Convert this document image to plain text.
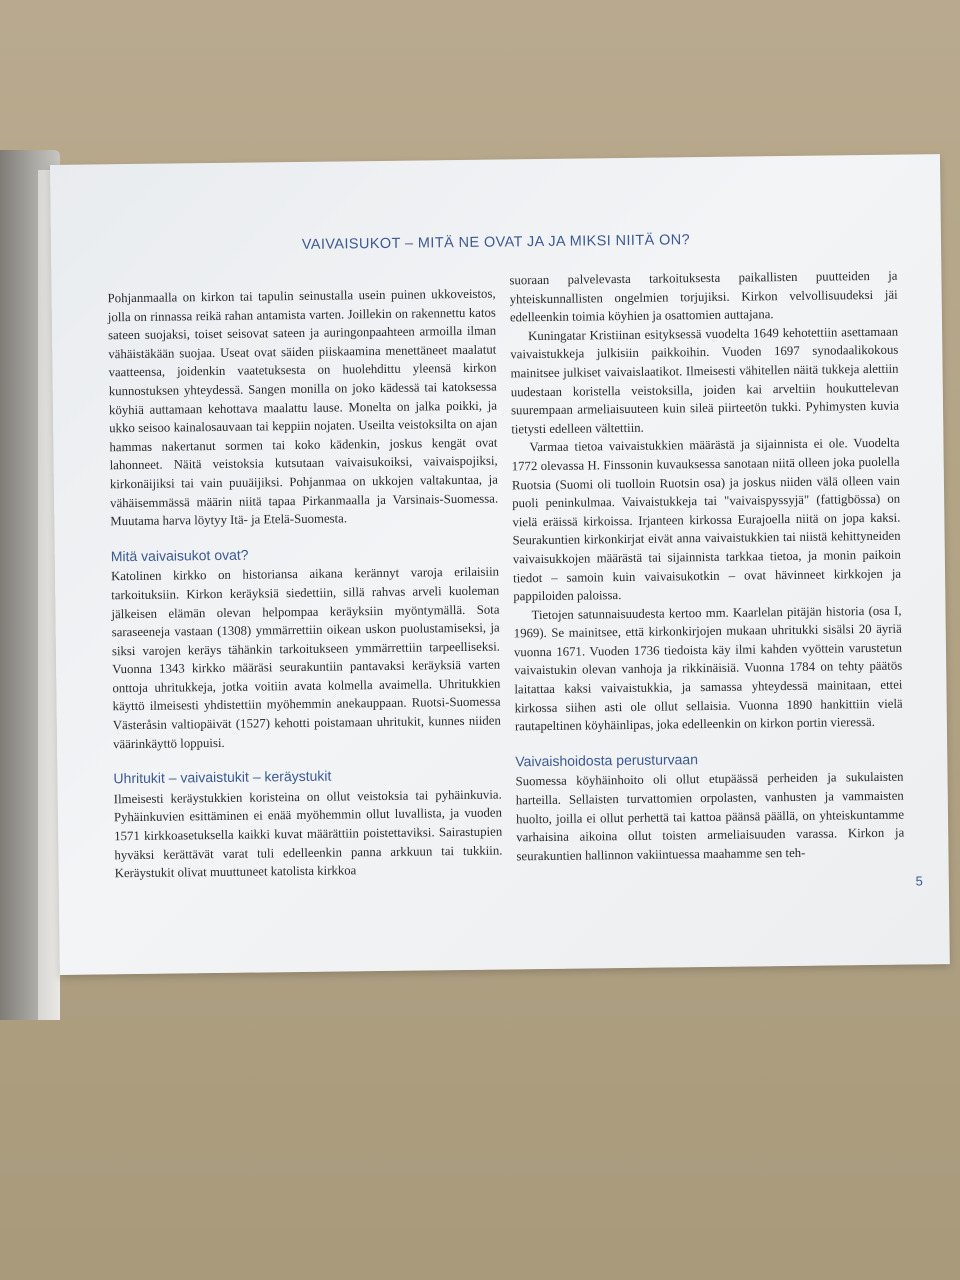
VAIVAISUKOT – MITÄ NE OVAT JA JA MIKSI NIITÄ ON?

Pohjanmaalla on kirkon tai tapulin seinustalla usein puinen ukkoveistos, jolla on rinnassa reikä rahan antamista varten. Joillekin on rakennettu katos sateen suojaksi, toiset seisovat sateen ja auringonpaahteen armoilla ilman vähäistäkään suojaa. Useat ovat säiden piiskaamina menettäneet maalatut vaatteensa, joidenkin vaatetuksesta on huolehdittu yleensä kirkon kunnostuksen yhteydessä. Sangen monilla on joko kädessä tai katoksessa köyhiä auttamaan kehottava maalattu lause. Monelta on jalka poikki, ja ukko seisoo kainalosauvaan tai keppiin nojaten. Useilta veistoksilta on ajan hammas nakertanut sormen tai koko kädenkin, joskus kengät ovat lahonneet. Näitä veistoksia kutsutaan vaivaisukoiksi, vaivaispojiksi, kirkonäijiksi tai vain puuäijiksi. Pohjanmaa on ukkojen valtakuntaa, ja vähäisemmässä määrin niitä tapaa Pirkanmaalla ja Varsinais-Suomessa. Muutama harva löytyy Itä- ja Etelä-Suomesta.

Mitä vaivaisukot ovat?

Katolinen kirkko on historiansa aikana kerännyt varoja erilaisiin tarkoituksiin. Kirkon keräyksiä siedettiin, sillä rahvas arveli kuoleman jälkeisen elämän olevan helpompaa keräyksiin myöntymällä. Sota saraseeneja vastaan (1308) ymmärrettiin oikean uskon puolustamiseksi, ja siksi varojen keräys tähänkin tarkoitukseen ymmärrettiin tarpeelliseksi. Vuonna 1343 kirkko määräsi seurakuntiin pantavaksi keräyksiä varten onttoja uhritukkeja, jotka voitiin avata kolmella avaimella. Uhritukkien käyttö ilmeisesti yhdistettiin myöhemmin anekauppaan. Ruotsi-Suomessa Västeråsin valtiopäivät (1527) kehotti poistamaan uhritukit, kunnes niiden väärinkäyttö loppuisi.

Uhritukit – vaivaistukit – keräystukit

Ilmeisesti keräystukkien koristeina on ollut veistoksia tai pyhäinkuvia. Pyhäinkuvien esittäminen ei enää myöhemmin ollut luvallista, ja vuoden 1571 kirkkoasetuksella kaikki kuvat määrättiin poistettaviksi. Sairastupien hyväksi kerättävät varat tuli edelleenkin panna arkkuun tai tukkiin. Keräystukit olivat muuttuneet katolista kirkkoa

suoraan palvelevasta tarkoituksesta paikallisten puutteiden ja yhteiskunnallisten ongelmien torjujiksi. Kirkon velvollisuudeksi jäi edelleenkin toimia köyhien ja osattomien auttajana.

Kuningatar Kristiinan esityksessä vuodelta 1649 kehotettiin asettamaan vaivaistukkeja julkisiin paikkoihin. Vuoden 1697 synodaalikokous mainitsee julkiset vaivaislaatikot. Ilmeisesti vähitellen näitä tukkeja alettiin uudestaan koristella veistoksilla, joiden kai arveltiin houkuttelevan suurempaan armeliaisuuteen kuin sileä piirteetön tukki. Pyhimysten kuvia tietysti edelleen vältettiin.

Varmaa tietoa vaivaistukkien määrästä ja sijainnista ei ole. Vuodelta 1772 olevassa H. Finssonin kuvauksessa sanotaan niitä olleen joka puolella Ruotsia (Suomi oli tuolloin Ruotsin osa) ja joskus niiden välä olleen vain puoli peninkulmaa. Vaivaistukkeja tai "vaivaispyssyjä" (fattigbössa) on vielä eräissä kirkoissa. Irjanteen kirkossa Eurajoella niitä on jopa kaksi. Seurakuntien kirkonkirjat eivät anna vaivaistukkien tai niistä kehittyneiden vaivaisukkojen määrästä tai sijainnista tarkkaa tietoa, ja monin paikoin tiedot – samoin kuin vaivaisukotkin – ovat hävinneet kirkkojen ja pappiloiden paloissa.

Tietojen satunnaisuudesta kertoo mm. Kaarlelan pitäjän historia (osa I, 1969). Se mainitsee, että kirkonkirjojen mukaan uhritukki sisälsi 20 äyriä vuonna 1671. Vuoden 1736 tiedoista käy ilmi kahden vyöttein varustetun vaivaistukin olevan vanhoja ja rikkinäisiä. Vuonna 1784 on tehty päätös laitattaa kaksi vaivaistukkia, ja samassa yhteydessä mainitaan, ettei kirkossa siihen asti ole ollut sellaisia. Vuonna 1890 hankittiin vielä rautapeltinen köyhäinlipas, joka edelleenkin on kirkon portin vieressä.

Vaivaishoidosta perusturvaan

Suomessa köyhäinhoito oli ollut etupäässä perheiden ja sukulaisten harteilla. Sellaisten turvattomien orpolasten, vanhusten ja vammaisten huolto, joilla ei ollut perhettä tai kattoa päänsä päällä, on yhteiskuntamme varhaisina aikoina ollut toisten armeliaisuuden varassa. Kirkon ja seurakuntien hallinnon vakiintuessa maahamme sen teh-

5
